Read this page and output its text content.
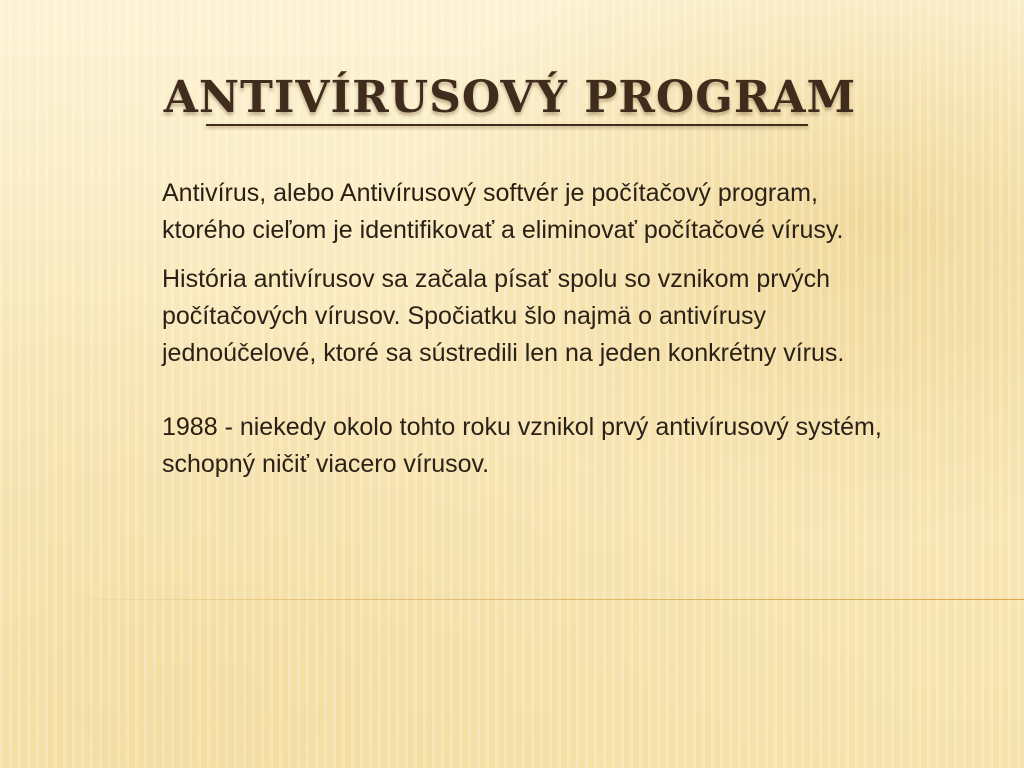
ANTIVÍRUSOVÝ PROGRAM

Antivírus, alebo Antivírusový softvér je počítačový program, ktorého cieľom je identifikovať a eliminovať počítačové vírusy.

História antivírusov sa začala písať spolu so vznikom prvých počítačových vírusov. Spočiatku šlo najmä o antivírusy jednoúčelové, ktoré sa sústredili len na jeden konkrétny vírus.

1988 - niekedy okolo tohto roku vznikol prvý antivírusový systém, schopný ničiť viacero vírusov.
